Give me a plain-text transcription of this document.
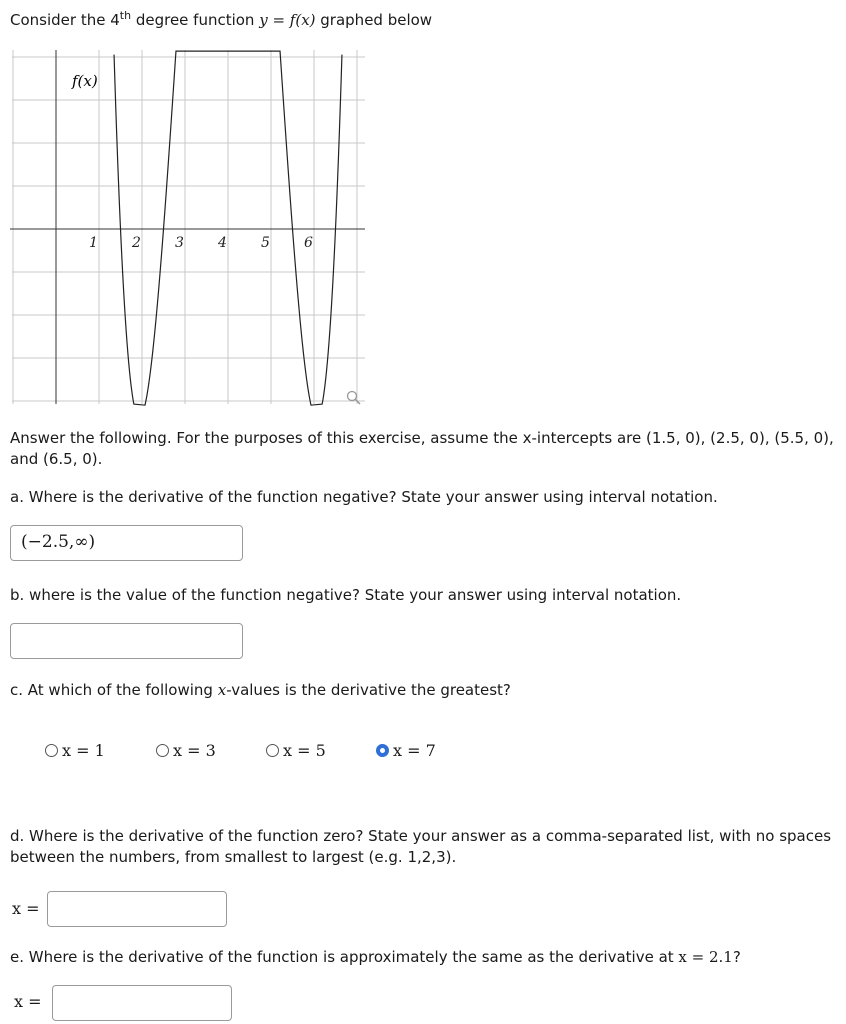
Consider the 4th degree function y = f(x) graphed below
1 2 3 4 5 6
f(x)
Answer the following. For the purposes of this exercise, assume the x-intercepts are (1.5, 0), (2.5, 0), (5.5, 0), and (6.5, 0).
a. Where is the derivative of the function negative? State your answer using interval notation.
(−2.5,∞)
b. where is the value of the function negative? State your answer using interval notation.
c. At which of the following x-values is the derivative the greatest?
x = 1	x = 3	x = 5	x = 7
d. Where is the derivative of the function zero? State your answer as a comma-separated list, with no spaces between the numbers, from smallest to largest (e.g. 1,2,3).
x =
e. Where is the derivative of the function is approximately the same as the derivative at x = 2.1?
x =
